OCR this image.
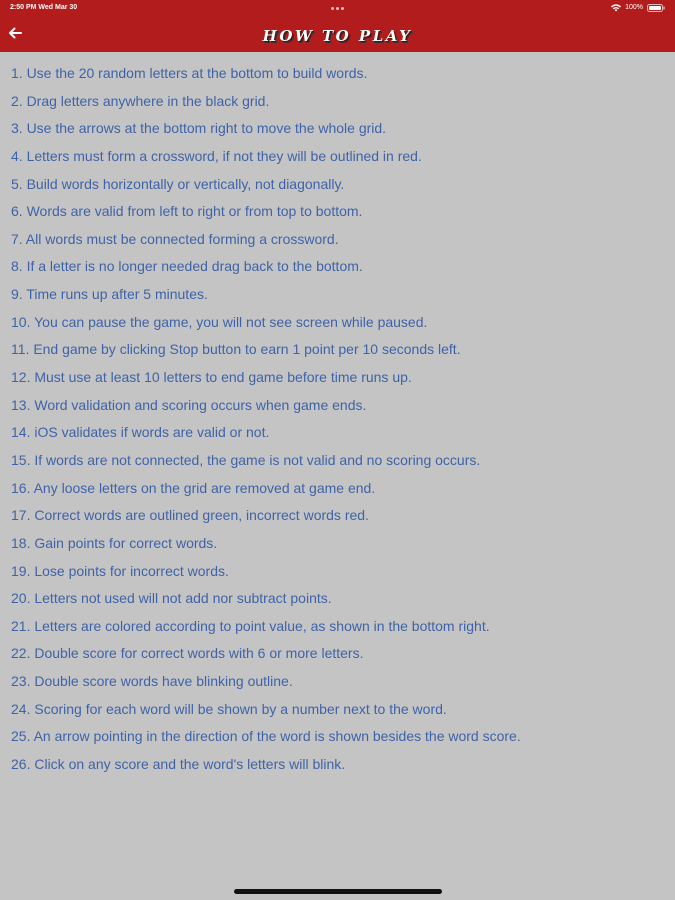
2:50 PM Wed Mar 30	100%
HOW TO PLAY
1. Use the 20 random letters at the bottom to build words.
2. Drag letters anywhere in the black grid.
3. Use the arrows at the bottom right to move the whole grid.
4. Letters must form a crossword, if not they will be outlined in red.
5. Build words horizontally or vertically, not diagonally.
6. Words are valid from left to right or from top to bottom.
7. All words must be connected forming a crossword.
8. If a letter is no longer needed drag back to the bottom.
9. Time runs up after 5 minutes.
10. You can pause the game, you will not see screen while paused.
11. End game by clicking Stop button to earn 1 point per 10 seconds left.
12. Must use at least 10 letters to end game before time runs up.
13. Word validation and scoring occurs when game ends.
14. iOS validates if words are valid or not.
15. If words are not connected, the game is not valid and no scoring occurs.
16. Any loose letters on the grid are removed at game end.
17. Correct words are outlined green, incorrect words red.
18. Gain points for correct words.
19. Lose points for incorrect words.
20. Letters not used will not add nor subtract points.
21. Letters are colored according to point value, as shown in the bottom right.
22. Double score for correct words with 6 or more letters.
23. Double score words have blinking outline.
24. Scoring for each word will be shown by a number next to the word.
25. An arrow pointing in the direction of the word is shown besides the word score.
26. Click on any score and the word's letters will blink.
